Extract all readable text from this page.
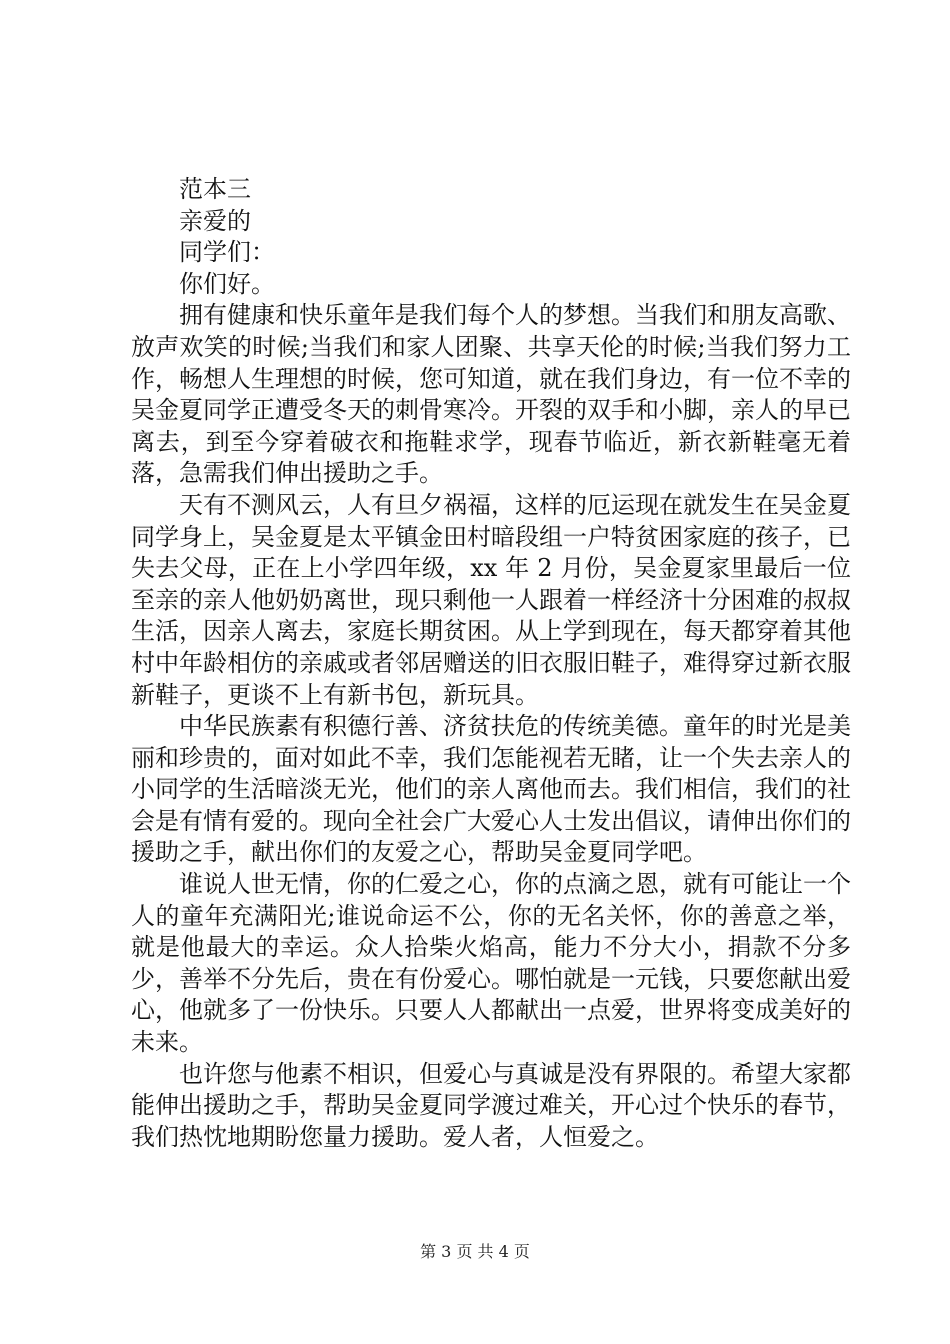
范本三

亲爱的

同学们：

你们好。

拥有健康和快乐童年是我们每个人的梦想。当我们和朋友高歌、放声欢笑的时候;当我们和家人团聚、共享天伦的时候;当我们努力工作，畅想人生理想的时候，您可知道，就在我们身边，有一位不幸的吴金夏同学正遭受冬天的刺骨寒冷。开裂的双手和小脚，亲人的早已离去，到至今穿着破衣和拖鞋求学，现春节临近，新衣新鞋毫无着落，急需我们伸出援助之手。

天有不测风云，人有旦夕祸福，这样的厄运现在就发生在吴金夏同学身上，吴金夏是太平镇金田村暗段组一户特贫困家庭的孩子，已失去父母，正在上小学四年级，xx 年 2 月份，吴金夏家里最后一位至亲的亲人他奶奶离世，现只剩他一人跟着一样经济十分困难的叔叔生活，因亲人离去，家庭长期贫困。从上学到现在，每天都穿着其他村中年龄相仿的亲戚或者邻居赠送的旧衣服旧鞋子，难得穿过新衣服新鞋子，更谈不上有新书包，新玩具。

中华民族素有积德行善、济贫扶危的传统美德。童年的时光是美丽和珍贵的，面对如此不幸，我们怎能视若无睹，让一个失去亲人的小同学的生活暗淡无光，他们的亲人离他而去。我们相信，我们的社会是有情有爱的。现向全社会广大爱心人士发出倡议，请伸出你们的援助之手，献出你们的友爱之心，帮助吴金夏同学吧。

谁说人世无情，你的仁爱之心，你的点滴之恩，就有可能让一个人的童年充满阳光;谁说命运不公，你的无名关怀，你的善意之举，就是他最大的幸运。众人拾柴火焰高，能力不分大小，捐款不分多少，善举不分先后，贵在有份爱心。哪怕就是一元钱，只要您献出爱心，他就多了一份快乐。只要人人都献出一点爱，世界将变成美好的未来。

也许您与他素不相识，但爱心与真诚是没有界限的。希望大家都能伸出援助之手，帮助吴金夏同学渡过难关，开心过个快乐的春节，我们热忱地期盼您量力援助。爱人者，人恒爱之。

第 3 页 共 4 页
